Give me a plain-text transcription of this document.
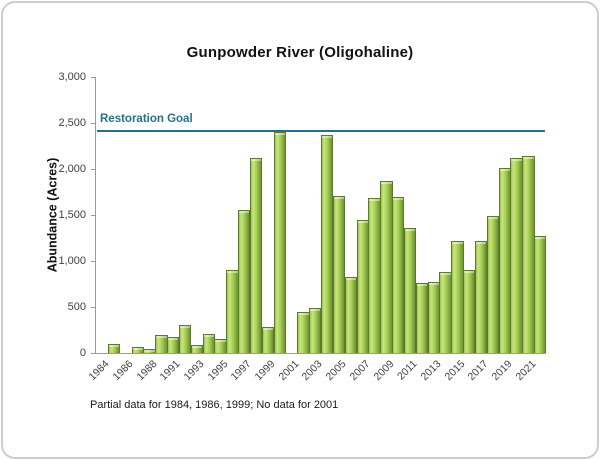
Gunpowder River (Oligohaline)
Abundance (Acres)
Restoration Goal
0
500
1,000
1,500
2,000
2,500
3,000
1984
1986
1988
1991
1993
1995
1997
1999
2001
2003
2005
2007
2009 2011
2013
2015
2017
2019
2021
Partial data for 1984, 1986, 1999; No data for 2001
